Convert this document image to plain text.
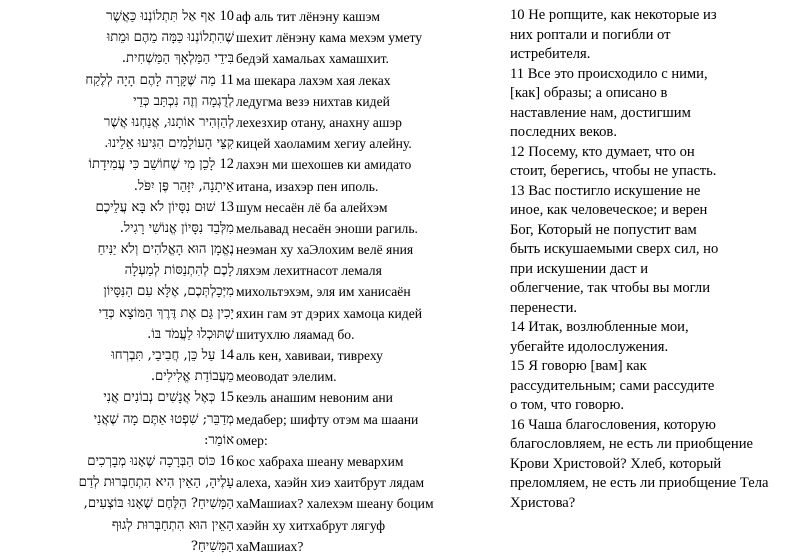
10 אַף אַל תִּתְלוֹנְנוּ כַּאֲשֶׁר
שֶׁהִתְלוֹנְנוּ כַּמָּה מֵהֶם וּמֵתוּ
בִּידֵי הַמַּלְאָךְ הַמַּשְׁחִית.
11 מַה שֶּׁקָּרָה לָהֶם הָיָה לְלֶקַח
לְדֻגְמָה וְזֶה נִכְתַּב כְּדֵי
לְהַזְהִיר אוֹתָנוּ, אֲנַחְנוּ אֲשֶׁר
קִצֵּי הָעוֹלָמִים הִגִּיעוּ אֵלֵינוּ.
12 לָכֵן מִי שֶׁחוֹשֵׁב כִּי עֲמִידָתוֹ
אֵיתָנָה, יִזָּהֵר פֶּן יִפֹּל.
13 שׁוּם נִסָּיוֹן לֹא בָּא עֲלֵיכֶם
מִלְּבַד נִסָּיוֹן אֱנוֹשִׁי רָגִיל.
נֶאֱמָן הוּא הָאֱלֹהִים וְלֹא יַנִּיחַ
לָכֶם לְהִתְנַסּוֹת לְמַעְלָה
מִיְּכָלְתְּכֶם, אֶלָּא עִם הַנִּסָּיוֹן
יָכִין גַּם אֶת דֶּרֶךְ הַמּוֹצָא כְּדֵי
שֶׁתּוּכְלוּ לַעֲמֹד בּוֹ.
14 עַל כֵּן, חֲבִיבַי, תִּבְרְחוּ
מֵעֲבוֹדַת אֱלִילִים.
15 כְּאֶל אֲנָשִׁים נְבוֹנִים אֲנִי
מְדַבֵּר; שִׁפְטוּ אַתֶּם מָה שֶׁאֲנִי
אוֹמֵר:
16 כּוֹס הַבְּרָכָה שֶׁאָנוּ מְבָרְכִים
עָלֶיהָ, הַאֵין הִיא הִתְחַבְּרוּת לְדַם
הַמָּשִׁיחַ? הַלֶּחֶם שֶׁאָנוּ בּוֹצְעִים,
הַאֵין הוּא הִתְחַבְּרוּת לְגוּף
הַמָּשִׁיחַ?
аф аль тит лёнэну кашэм
шехит лёнэну кама мехэм умету
бедэй хамальах хамашхит.
ма шекара лахэм хая леках
ледугма везэ нихтав кидей
лехезхир отану, анахну ашэр
кицей хаоламим хегиу алейну.
лахэн ми шехошев ки амидато
итана, изахэр пен иполь.
шум несаён лё ба алейхэм
мельавад несаён эноши рагиль.
неэман ху хаЭлохим велё яния
ляхэм лехитнасот лемаля
михольтэхэм, эля им ханисаён
яхин гам эт дэрих хамоца кидей
шитухлю ляамад бо.
аль кен, хавиваи, тивреху
меоводат элелим.
кеэль анашим невоним ани
медабер; шифту отэм ма шаани
омер:
кос хабраха шеану мевархим
алеха, хаэйн хиэ хаитбрут лядам
хаМашиах? халехэм шеану боцим
хаэйн ху хитхабрут лягуф
хаМашиах?
10 Не ропщите, как некоторые из
них роптали и погибли от
истребителя.
11 Все это происходило с ними,
[как] образы; а описано в
наставление нам, достигшим
последних веков.
12 Посему, кто думает, что он
стоит, берегись, чтобы не упасть.
13 Вас постигло искушение не
иное, как человеческое; и верен
Бог, Который не попустит вам
быть искушаемыми сверх сил, но
при искушении даст и
облегчение, так чтобы вы могли
перенести.
14 Итак, возлюбленные мои,
убегайте идолослужения.
15 Я говорю [вам] как
рассудительным; сами рассудите
о том, что говорю.
16 Чаша благословения, которую
благословляем, не есть ли приобщение
Крови Христовой? Хлеб, который
преломляем, не есть ли приобщение Тела
Христова?
